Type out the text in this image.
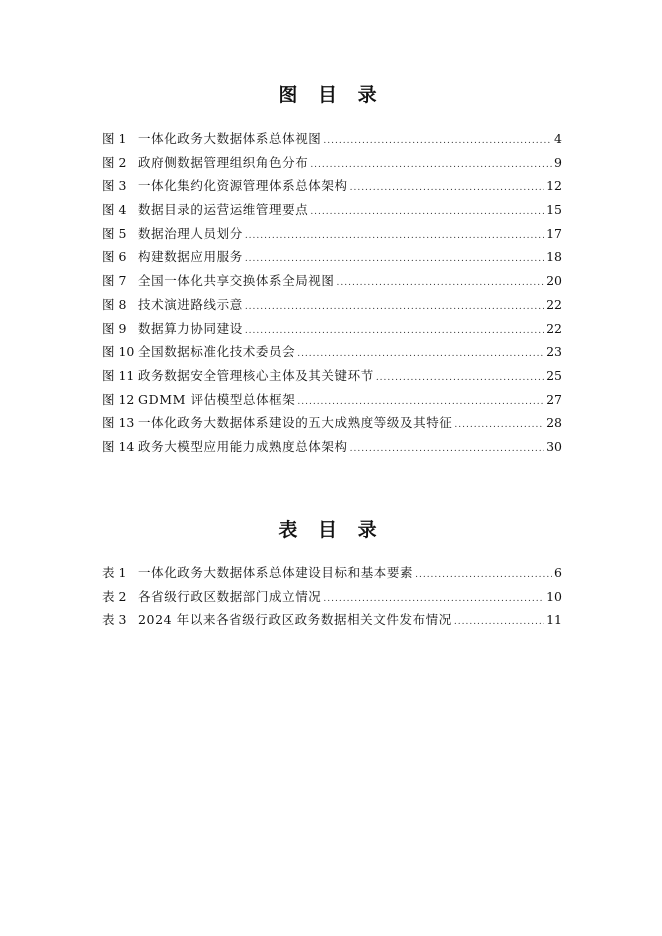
图 目 录
图 1 一体化政务大数据体系总体视图 .....	4
图 2 政府侧数据管理组织角色分布 .....	9
图 3 一体化集约化资源管理体系总体架构 .....	12
图 4 数据目录的运营运维管理要点 .....	15
图 5 数据治理人员划分 .....	17
图 6 构建数据应用服务 .....	18
图 7 全国一体化共享交换体系全局视图 .....	20
图 8 技术演进路线示意 .....	22
图 9 数据算力协同建设 .....	22
图 10 全国数据标准化技术委员会 .....	23
图 11 政务数据安全管理核心主体及其关键环节 .....	25
图 12 GDMM 评估模型总体框架 .....	27
图 13 一体化政务大数据体系建设的五大成熟度等级及其特征 .....	28
图 14 政务大模型应用能力成熟度总体架构 .....	30
表 目 录
表 1 一体化政务大数据体系总体建设目标和基本要素 .....	6
表 2 各省级行政区数据部门成立情况 .....	10
表 3 2024 年以来各省级行政区政务数据相关文件发布情况 .....	11
